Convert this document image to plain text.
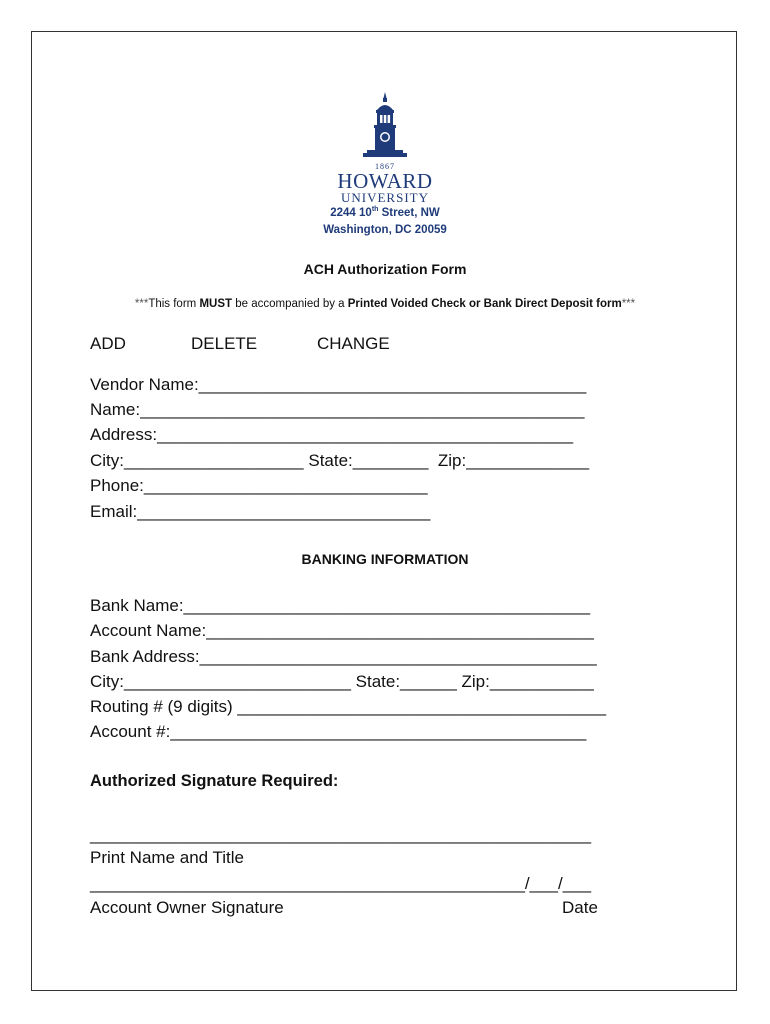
1867
HOWARD
UNIVERSITY
2244 10th Street, NW
Washington, DC 20059
ACH Authorization Form
***This form MUST be accompanied by a Printed Voided Check or Bank Direct Deposit form***
ADD	DELETE	CHANGE
Vendor Name:_________________________________________
Name:_______________________________________________
Address:____________________________________________
City:___________________ State:________  Zip:_____________
Phone:______________________________
Email:_______________________________
BANKING INFORMATION
Bank Name:___________________________________________
Account Name:_________________________________________
Bank Address:__________________________________________
City:________________________ State:______ Zip:___________
Routing # (9 digits) _______________________________________
Account #:____________________________________________
Authorized Signature Required:
_____________________________________________________
Print Name and Title
______________________________________________/___/___
Account Owner Signature	Date
